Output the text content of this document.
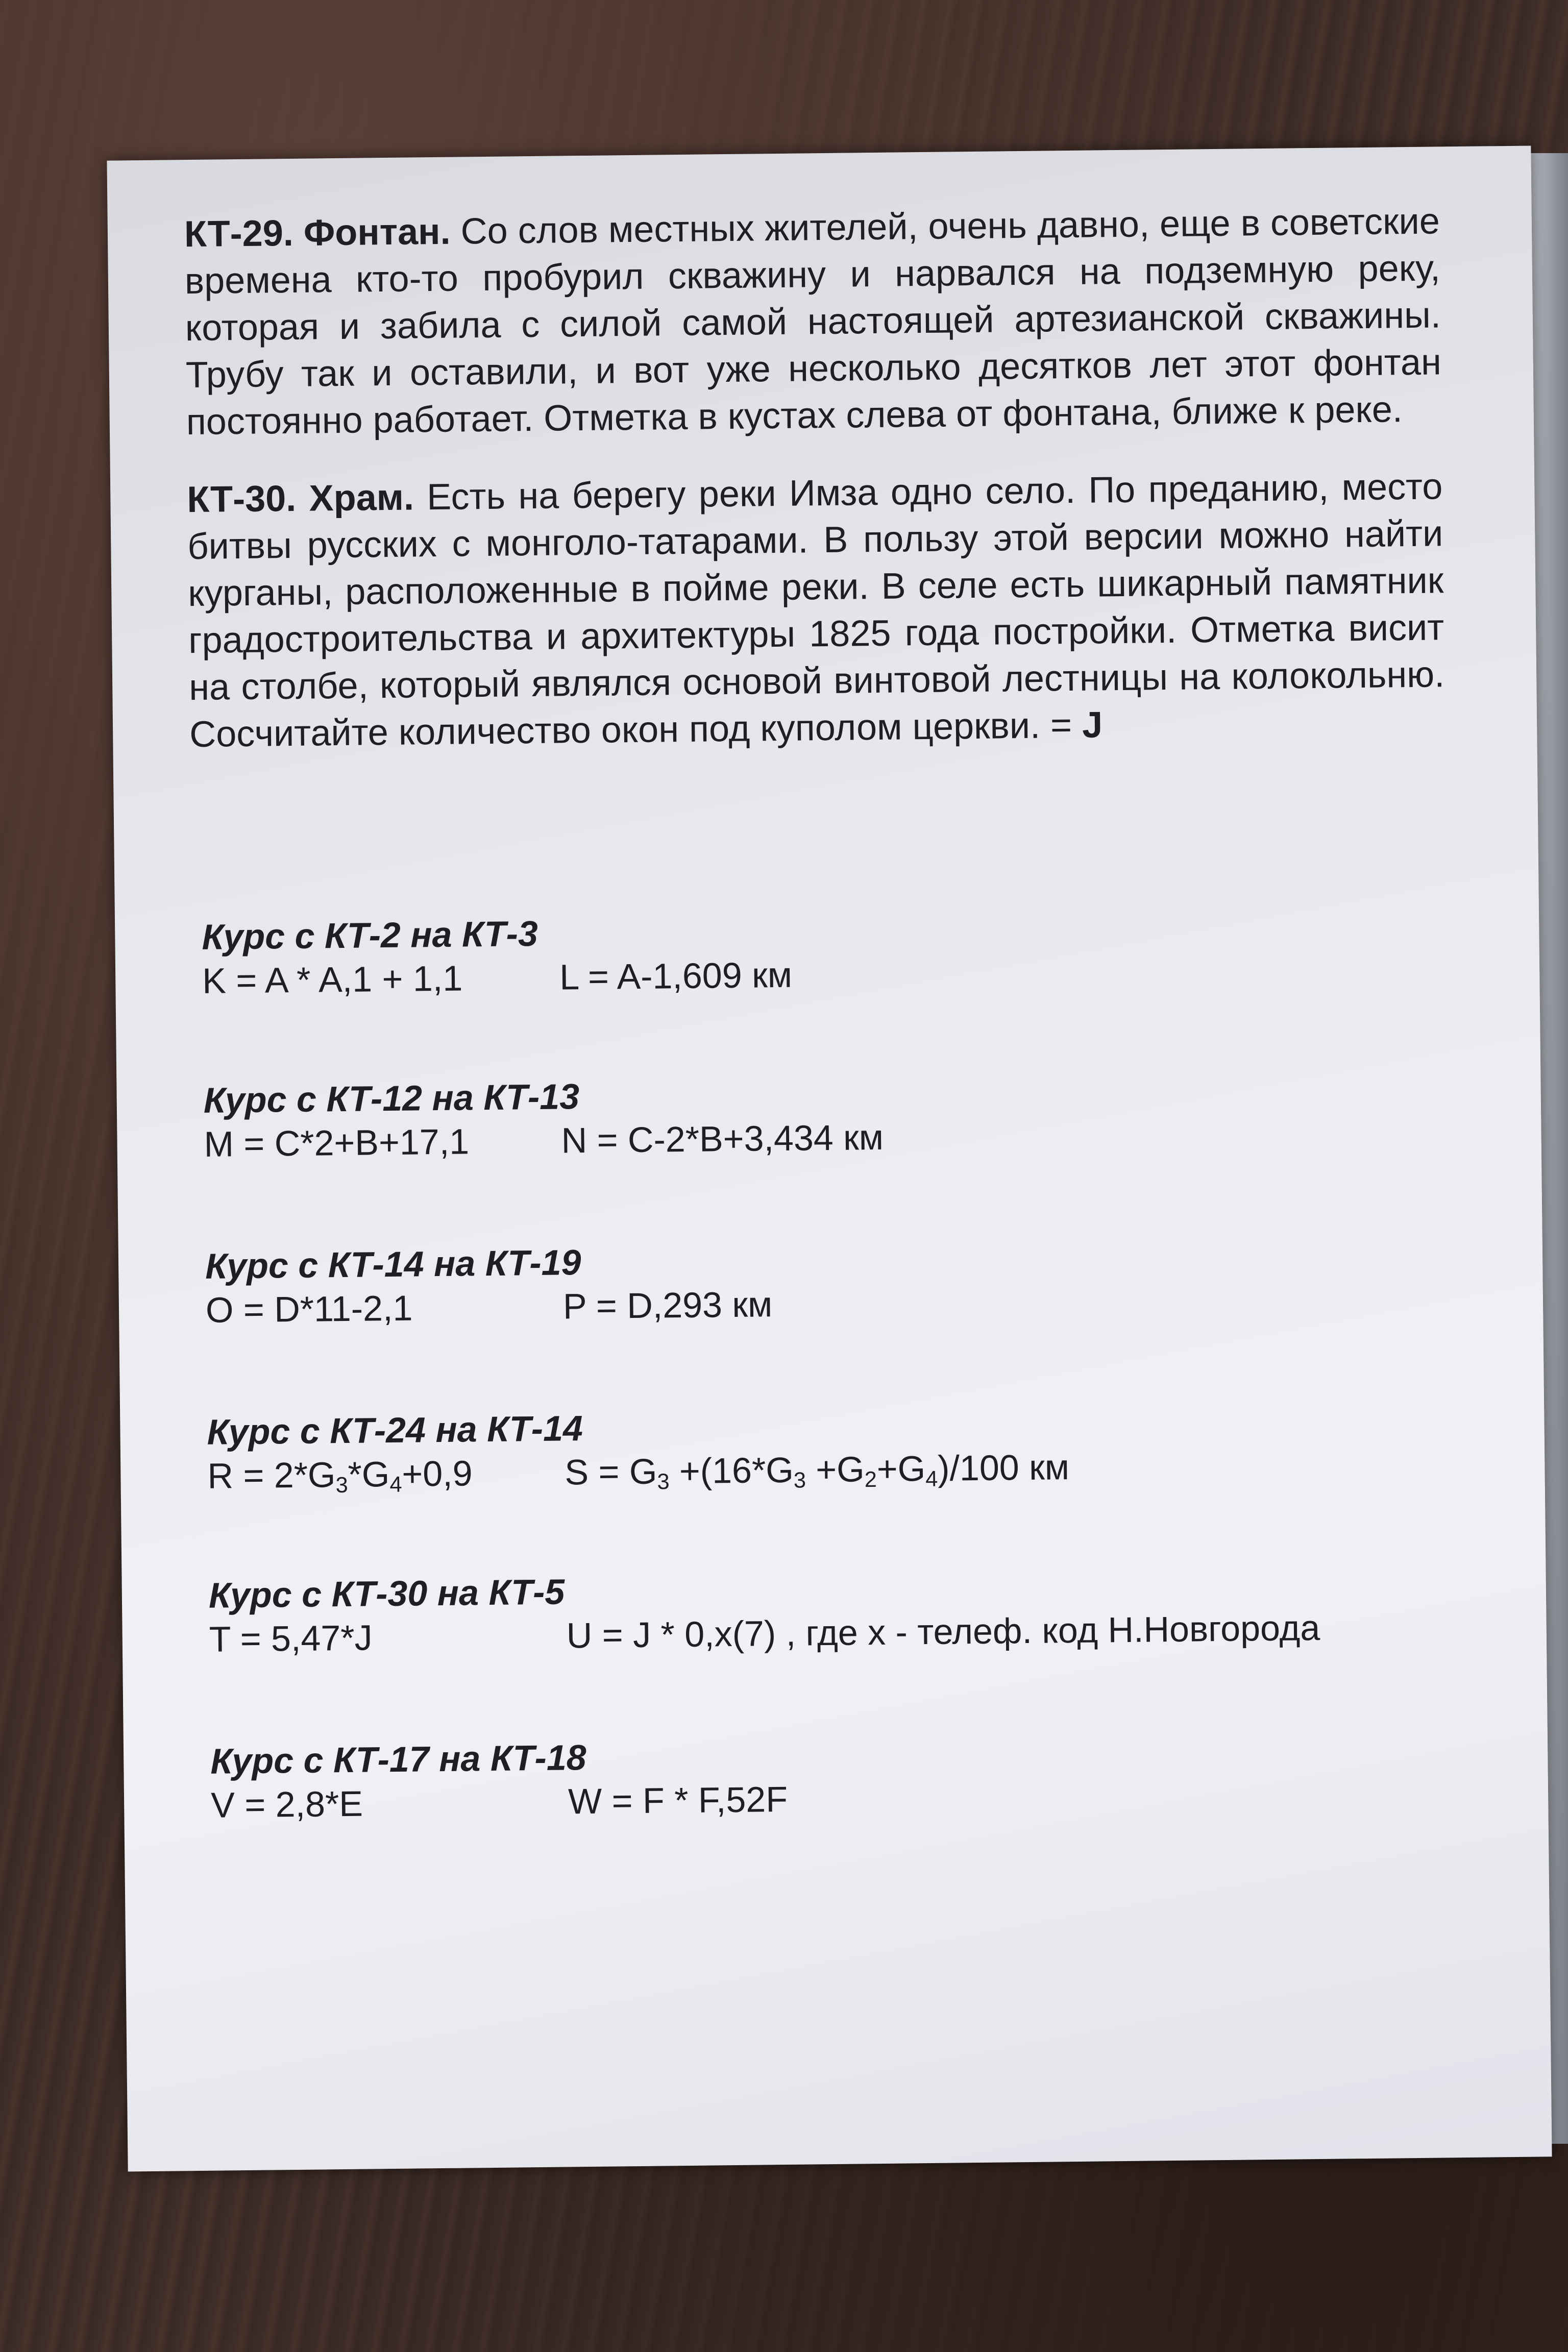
КТ-29. Фонтан. Со слов местных жителей, очень давно, еще в советские времена кто-то пробурил скважину и нарвался на подземную реку, которая и забила с силой самой настоящей артезианской скважины. Трубу так и оставили, и вот уже несколько десятков лет этот фонтан постоянно работает. Отметка в кустах слева от фонтана, ближе к реке.

КТ-30. Храм. Есть на берегу реки Имза одно село. По преданию, место битвы русских с монголо-татарами. В пользу этой версии можно найти курганы, расположенные в пойме реки. В селе есть шикарный памятник градостроительства и архитектуры 1825 года постройки. Отметка висит на столбе, который являлся основой винтовой лестницы на колокольню. Сосчитайте количество окон под куполом церкви. = J

Курс с КТ-2 на КТ-3
K = A * A,1 + 1,1	L = A-1,609 км
Курс с КТ-12 на КТ-13
M = C*2+B+17,1	N = C-2*B+3,434 км
Курс с КТ-14 на КТ-19
O = D*11-2,1	P = D,293 км
Курс с КТ-24 на КТ-14
$R = 2*G_3*G_4+0,9$	$S = G_3 +(16*G_3 +G_2+G_4)/100$ км
Курс с КТ-30 на КТ-5
T = 5,47*J	U = J * 0,x(7) , где x - телеф. код Н.Новгорода
Курс с КТ-17 на КТ-18
V = 2,8*E	W = F * F,52F
